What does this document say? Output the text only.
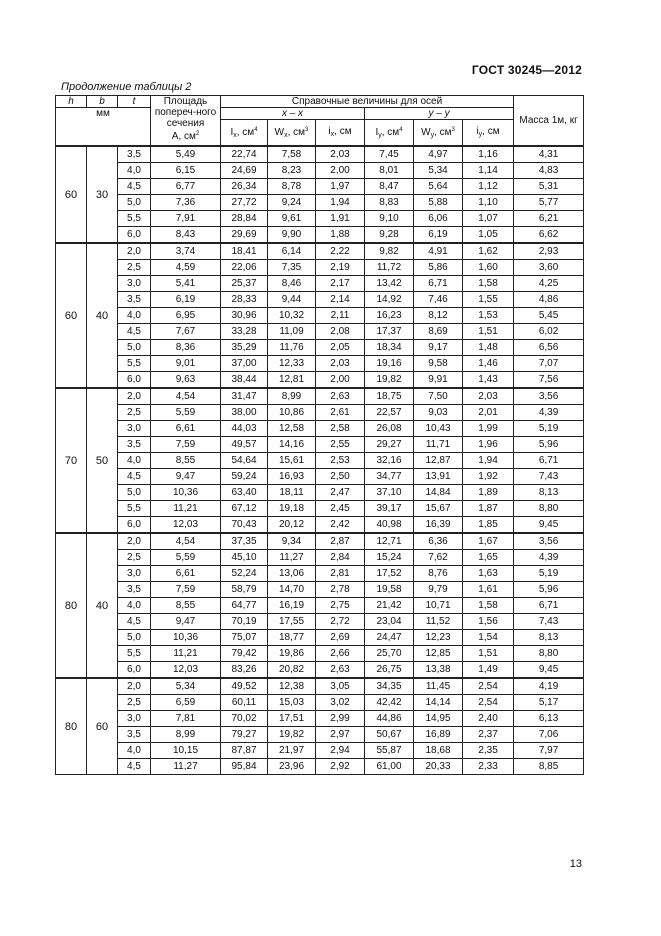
ГОСТ 30245—2012
Продолжение таблицы 2
h	b	t	Площадь попереч-ного сечения
A, $см^2$	Справочные величины для осей						Масса 1м, кг
мм				x – x			y – y			
				$I_x$, $см^4$	$W_x$, $см^3$	$i_x$, см	$I_y$, $см^4$	$W_y$, $см^3$	$i_y$, см	

60	30	3,5	5,49	22,74	7,58	2,03	7,45	4,97	1,16	4,31
		4,0	6,15	24,69	8,23	2,00	8,01	5,34	1,14	4,83
		4,5	6,77	26,34	8,78	1,97	8,47	5,64	1,12	5,31
		5,0	7,36	27,72	9,24	1,94	8,83	5,88	1,10	5,77
		5,5	7,91	28,84	9,61	1,91	9,10	6,06	1,07	6,21
		6,0	8,43	29,69	9,90	1,88	9,28	6,19	1,05	6,62
60	40	2,0	3,74	18,41	6,14	2,22	9,82	4,91	1,62	2,93
		2,5	4,59	22,06	7,35	2,19	11,72	5,86	1,60	3,60
		3,0	5,41	25,37	8,46	2,17	13,42	6,71	1,58	4,25
		3,5	6,19	28,33	9,44	2,14	14,92	7,46	1,55	4,86
		4,0	6,95	30,96	10,32	2,11	16,23	8,12	1,53	5,45
		4,5	7,67	33,28	11,09	2,08	17,37	8,69	1,51	6,02
		5,0	8,36	35,29	11,76	2,05	18,34	9,17	1,48	6,56
		5,5	9,01	37,00	12,33	2,03	19,16	9,58	1,46	7,07
		6,0	9,63	38,44	12,81	2,00	19,82	9,91	1,43	7,56
70	50	2,0	4,54	31,47	8,99	2,63	18,75	7,50	2,03	3,56
		2,5	5,59	38,00	10,86	2,61	22,57	9,03	2,01	4,39
		3,0	6,61	44,03	12,58	2,58	26,08	10,43	1,99	5,19
		3,5	7,59	49,57	14,16	2,55	29,27	11,71	1,96	5,96
		4,0	8,55	54,64	15,61	2,53	32,16	12,87	1,94	6,71
		4,5	9,47	59,24	16,93	2,50	34,77	13,91	1,92	7,43
		5,0	10,36	63,40	18,11	2,47	37,10	14,84	1,89	8,13
		5,5	11,21	67,12	19,18	2,45	39,17	15,67	1,87	8,80
		6,0	12,03	70,43	20,12	2,42	40,98	16,39	1,85	9,45
80	40	2,0	4,54	37,35	9,34	2,87	12,71	6,36	1,67	3,56
		2,5	5,59	45,10	11,27	2,84	15,24	7,62	1,65	4,39
		3,0	6,61	52,24	13,06	2,81	17,52	8,76	1,63	5,19
		3,5	7,59	58,79	14,70	2,78	19,58	9,79	1,61	5,96
		4,0	8,55	64,77	16,19	2,75	21,42	10,71	1,58	6,71
		4,5	9,47	70,19	17,55	2,72	23,04	11,52	1,56	7,43
		5,0	10,36	75,07	18,77	2,69	24,47	12,23	1,54	8,13
		5,5	11,21	79,42	19,86	2,66	25,70	12,85	1,51	8,80
		6,0	12,03	83,26	20,82	2,63	26,75	13,38	1,49	9,45
80	60	2,0	5,34	49,52	12,38	3,05	34,35	11,45	2,54	4,19
		2,5	6,59	60,11	15,03	3,02	42,42	14,14	2,54	5,17
		3,0	7,81	70,02	17,51	2,99	44,86	14,95	2,40	6,13
		3,5	8,99	79,27	19,82	2,97	50,67	16,89	2,37	7,06
		4,0	10,15	87,87	21,97	2,94	55,87	18,68	2,35	7,97
		4,5	11,27	95,84	23,96	2,92	61,00	20,33	2,33	8,85
13
